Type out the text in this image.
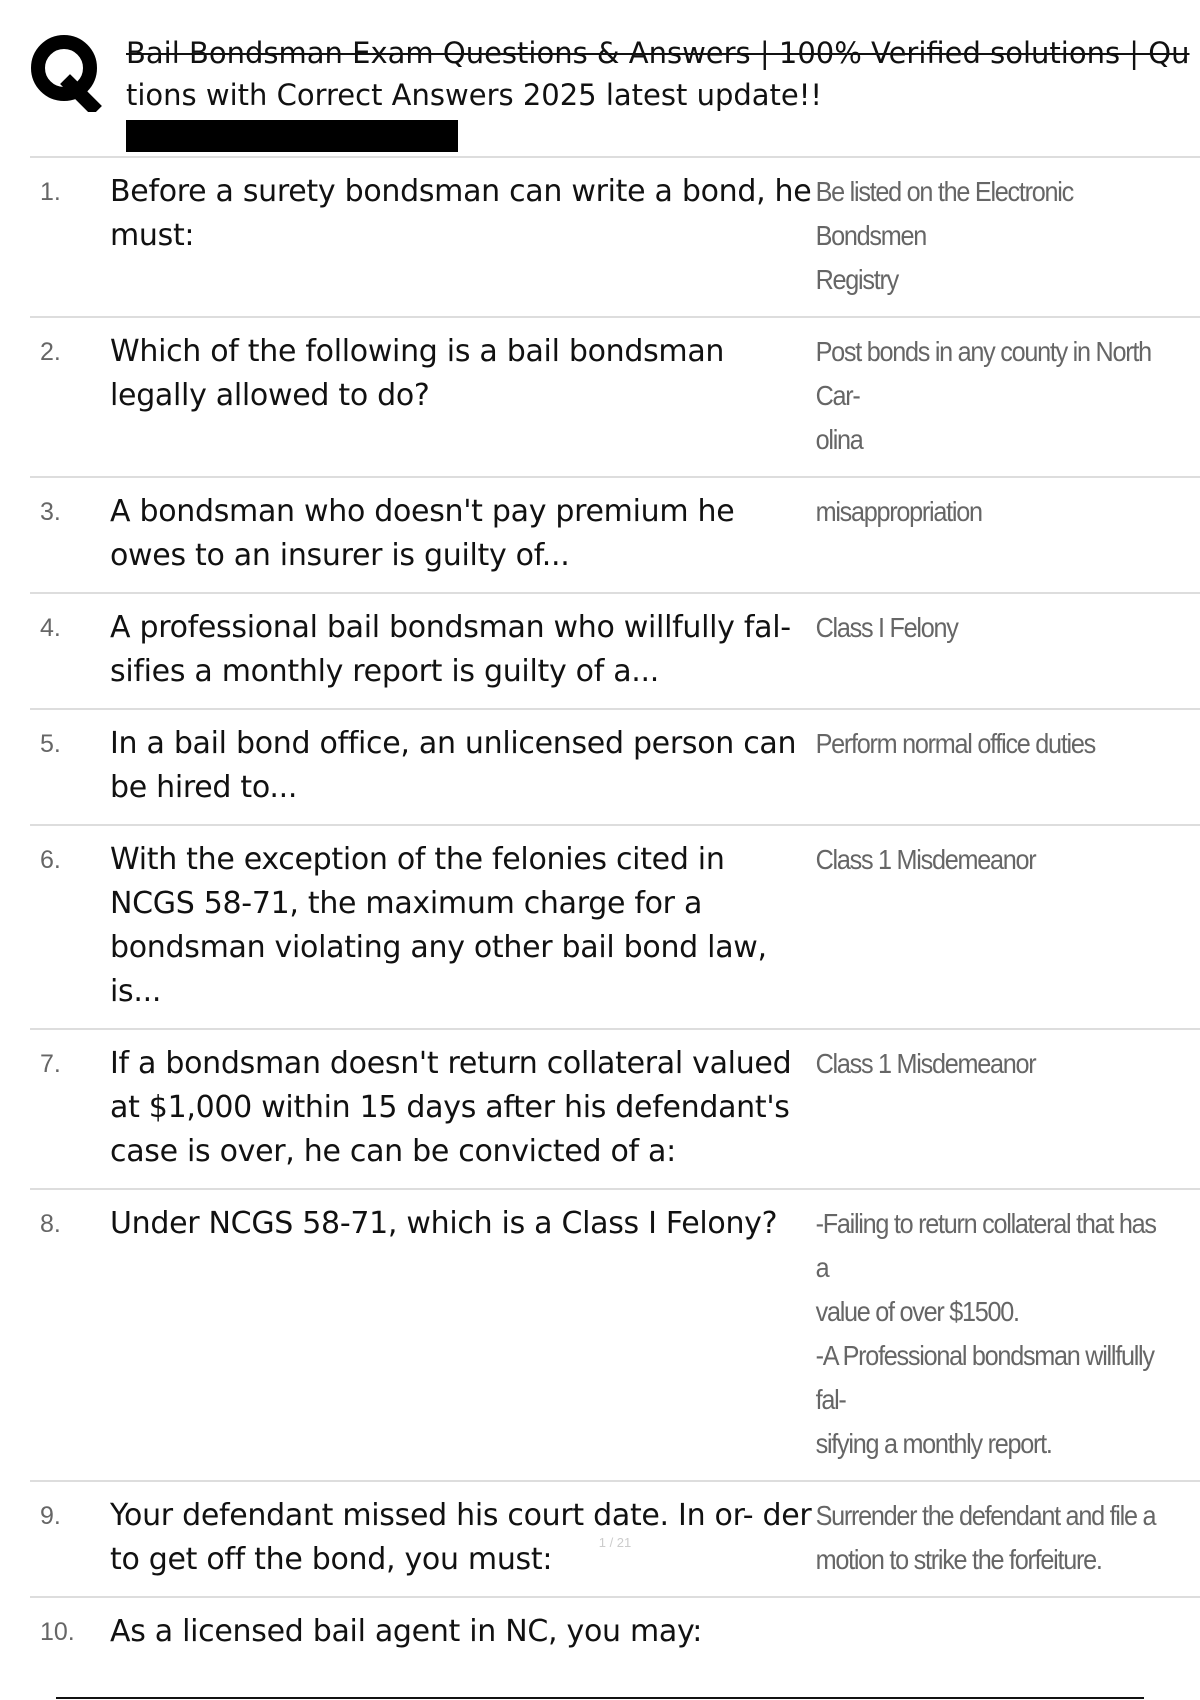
Bail Bondsman Exam Questions & Answers | 100% Verified solutions | Qu
tions with Correct Answers 2025 latest update!!
1.	Before a surety bondsman can write a bond, he must:
Be listed on the Electronic Bondsmen
Registry
2.	Which of the following is a bail bondsman legally allowed to do?
Post bonds in any county in North Car-
olina
3.	A bondsman who doesn't pay premium he owes to an insurer is guilty of...
misappropriation
4.	A professional bail bondsman who willfully fal- sifies a monthly report is guilty of a...
Class I Felony
5.	In a bail bond office, an unlicensed person can be hired to...
Perform normal office duties
6.	With the exception of the felonies cited in NCGS 58-71, the maximum charge for a bondsman violating any other bail bond law, is...
Class 1 Misdemeanor
7.	If a bondsman doesn't return collateral valued at $1,000 within 15 days after his defendant's case is over, he can be convicted of a:
Class 1 Misdemeanor
8.	Under NCGS 58-71, which is a Class I Felony?	-Failing to return collateral that has a
value of over $1500.
-A Professional bondsman willfully fal-
sifying a monthly report.
9.	Your defendant missed his court date. In or- der to get off the bond, you must:
Surrender the defendant and file a
motion to strike the forfeiture.
10.	As a licensed bail agent in NC, you may:
1 / 21
